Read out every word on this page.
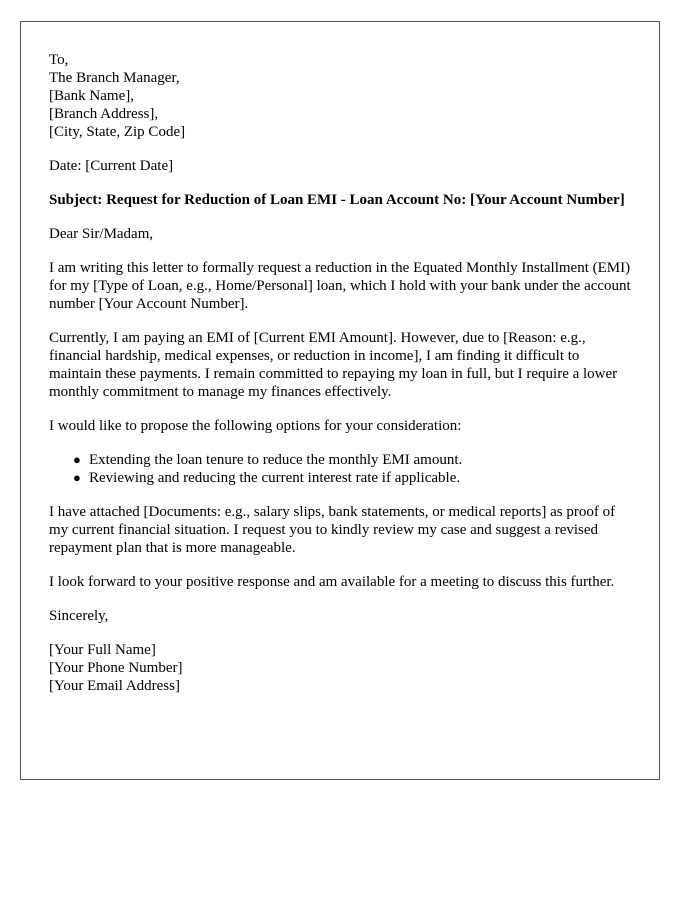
To,
The Branch Manager,
[Bank Name],
[Branch Address],
[City, State, Zip Code]

Date: [Current Date]

Subject: Request for Reduction of Loan EMI - Loan Account No: [Your Account Number]

Dear Sir/Madam,

I am writing this letter to formally request a reduction in the Equated Monthly Installment (EMI) for my [Type of Loan, e.g., Home/Personal] loan, which I hold with your bank under the account number [Your Account Number].

Currently, I am paying an EMI of [Current EMI Amount]. However, due to [Reason: e.g., financial hardship, medical expenses, or reduction in income], I am finding it difficult to maintain these payments. I remain committed to repaying my loan in full, but I require a lower monthly commitment to manage my finances effectively.

I would like to propose the following options for your consideration:

● Extending the loan tenure to reduce the monthly EMI amount.
● Reviewing and reducing the current interest rate if applicable.

I have attached [Documents: e.g., salary slips, bank statements, or medical reports] as proof of my current financial situation. I request you to kindly review my case and suggest a revised repayment plan that is more manageable.

I look forward to your positive response and am available for a meeting to discuss this further.

Sincerely,

[Your Full Name]
[Your Phone Number]
[Your Email Address]
